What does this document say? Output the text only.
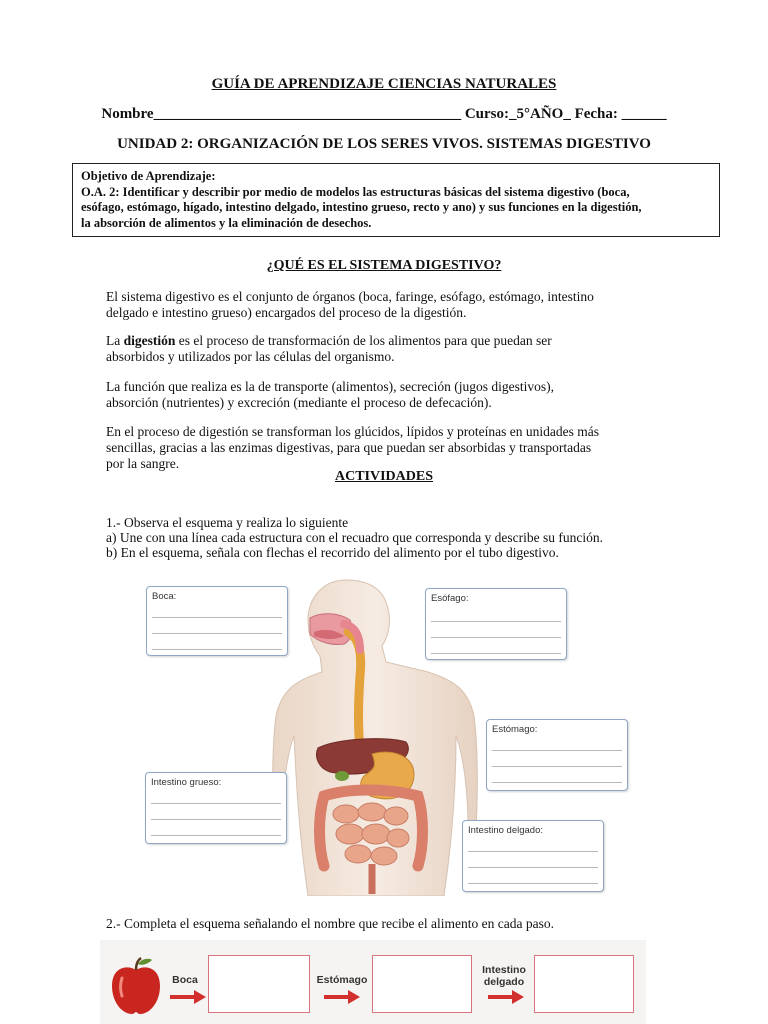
GUÍA DE APRENDIZAJE CIENCIAS NATURALES
Nombre_________________________________________ Curso:_5°AÑO_ Fecha: ______
UNIDAD 2: ORGANIZACIÓN DE LOS SERES VIVOS. SISTEMAS DIGESTIVO
Objetivo de Aprendizaje:
O.A. 2: Identificar y describir por medio de modelos las estructuras básicas del sistema digestivo (boca,
esófago, estómago, hígado, intestino delgado, intestino grueso, recto y ano) y sus funciones en la digestión,
la absorción de alimentos y la eliminación de desechos.
¿QUÉ ES EL SISTEMA DIGESTIVO?
El sistema digestivo es el conjunto de órganos (boca, faringe, esófago, estómago, intestino
delgado e intestino grueso) encargados del proceso de la digestión.
La digestión es el proceso de transformación de los alimentos para que puedan ser
absorbidos y utilizados por las células del organismo.
La función que realiza es la de transporte (alimentos), secreción (jugos digestivos),
absorción (nutrientes) y excreción (mediante el proceso de defecación).
En el proceso de digestión se transforman los glúcidos, lípidos y proteínas en unidades más
sencillas, gracias a las enzimas digestivas, para que puedan ser absorbidas y transportadas
por la sangre.
ACTIVIDADES
1.- Observa el esquema y realiza lo siguiente
a) Une con una línea cada estructura con el recuadro que corresponda y describe su función.
b) En el esquema, señala con flechas el recorrido del alimento por el tubo digestivo.
Boca:	Esófago:
Estómago:
Intestino grueso:
Intestino delgado:
2.- Completa el esquema señalando el nombre que recibe el alimento en cada paso.
Boca	Estómago
Intestino
delgado
